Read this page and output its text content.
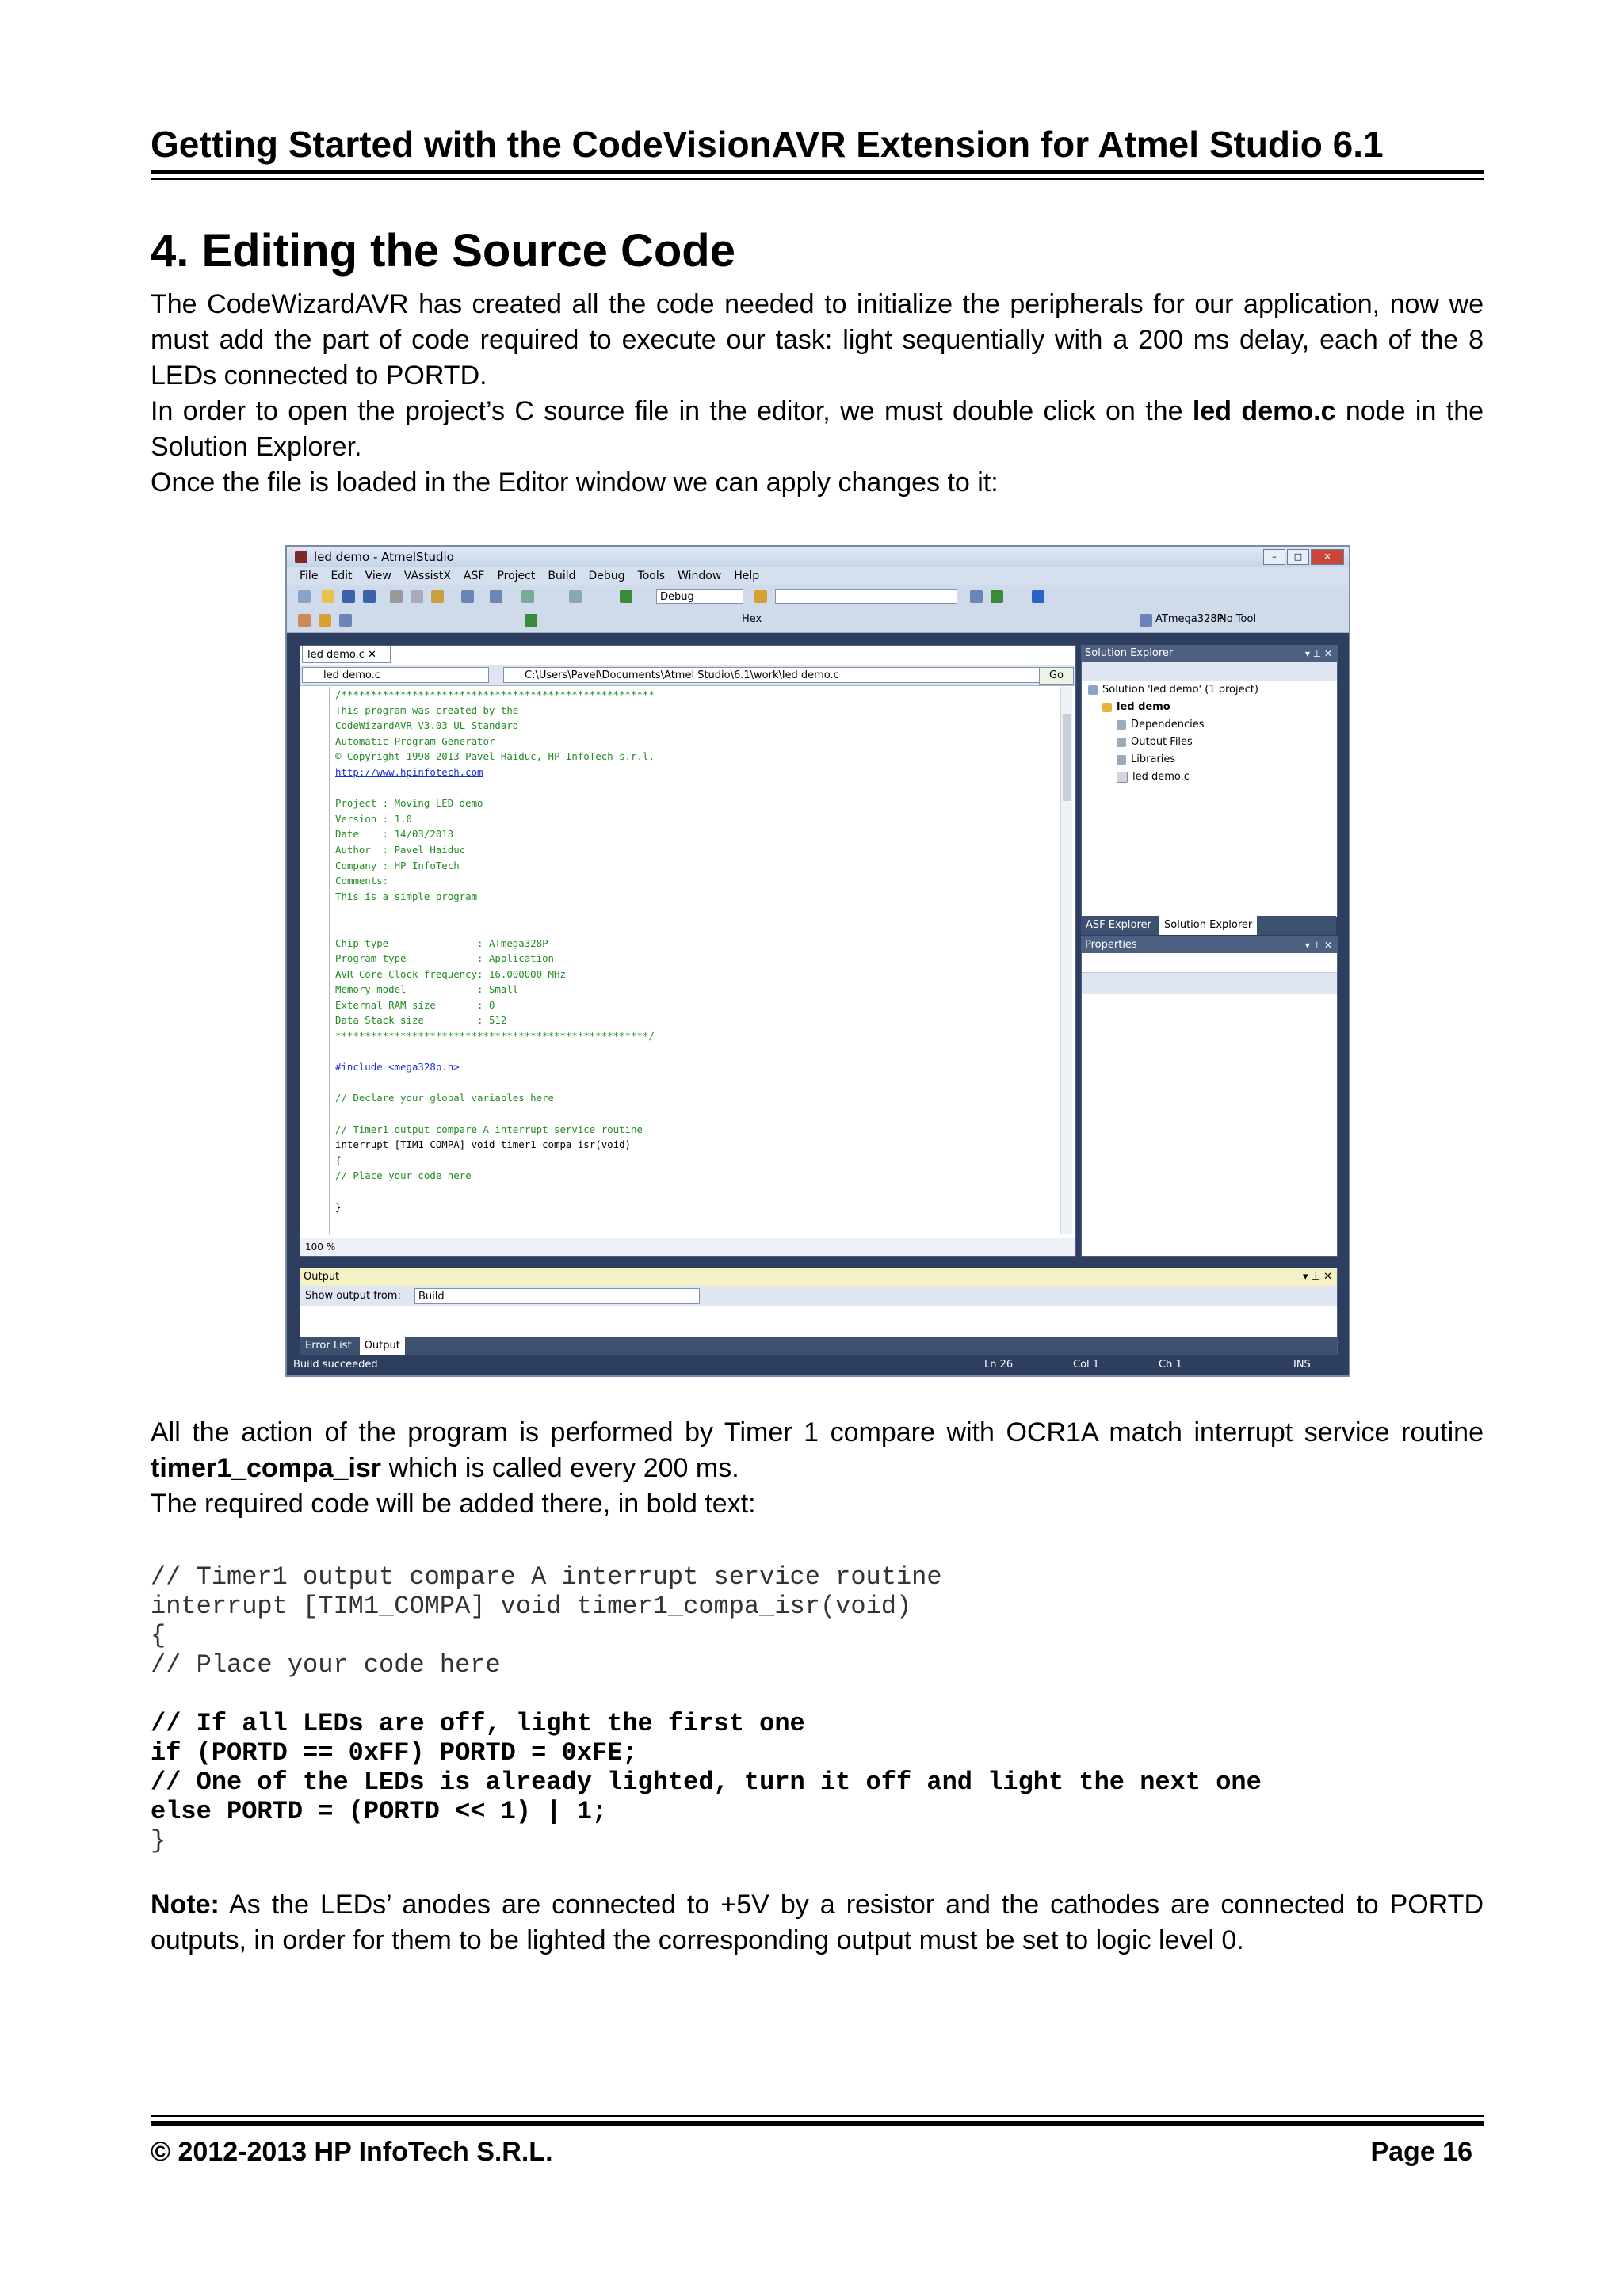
Getting Started with the CodeVisionAVR Extension for Atmel Studio 6.1
4. Editing the Source Code

The CodeWizardAVR has created all the code needed to initialize the peripherals for our application, now we must add the part of code required to execute our task: light sequentially with a 200 ms delay, each of the 8 LEDs connected to PORTD.

In order to open the project’s C source file in the editor, we must double click on the led demo.c node in the Solution Explorer.

Once the file is loaded in the Editor window we can apply changes to it:

led demo - AtmelStudio	–	□	✕
File Edit View VAssistX ASF Project Build Debug Tools Window Help
Debug
Hex	ATmega328P
No Tool
led demo.c ✕
led demo.c	C:\Users\Pavel\Documents\Atmel Studio\6.1\work\led demo.c	Go
/*****************************************************
This program was created by the
CodeWizardAVR V3.03 UL Standard
Automatic Program Generator
© Copyright 1998-2013 Pavel Haiduc, HP InfoTech s.r.l.
http://www.hpinfotech.com

Project : Moving LED demo
Version : 1.0
Date    : 14/03/2013
Author  : Pavel Haiduc
Company : HP InfoTech
Comments:
This is a simple program

Chip type               : ATmega328P
Program type            : Application
AVR Core Clock frequency: 16.000000 MHz
Memory model            : Small
External RAM size       : 0
Data Stack size         : 512
*****************************************************/

#include <mega328p.h>

// Declare your global variables here

// Timer1 output compare A interrupt service routine
interrupt [TIM1_COMPA] void timer1_compa_isr(void)
{
// Place your code here

}
100 %
Solution Explorer	▾ ⊥ ✕
Solution 'led demo' (1 project)
led demo
Dependencies
Output Files
Libraries
led demo.c
ASF Explorer Solution Explorer
Properties	▾ ⊥ ✕
Output	▾ ⊥ ✕
Show output from:	Build
Error List Output
Build succeeded	Ln 26	Col 1	Ch 1	INS

All the action of the program is performed by Timer 1 compare with OCR1A match interrupt service routine timer1_compa_isr which is called every 200 ms.

The required code will be added there, in bold text:

// Timer1 output compare A interrupt service routine
interrupt [TIM1_COMPA] void timer1_compa_isr(void)
{
// Place your code here
// If all LEDs are off, light the first one
if (PORTD == 0xFF) PORTD = 0xFE;
// One of the LEDs is already lighted, turn it off and light the next one
else PORTD = (PORTD << 1) | 1;
}

Note: As the LEDs’ anodes are connected to +5V by a resistor and the cathodes are connected to PORTD outputs, in order for them to be lighted the corresponding output must be set to logic level 0.

© 2012-2013 HP InfoTech S.R.L.	Page 16
